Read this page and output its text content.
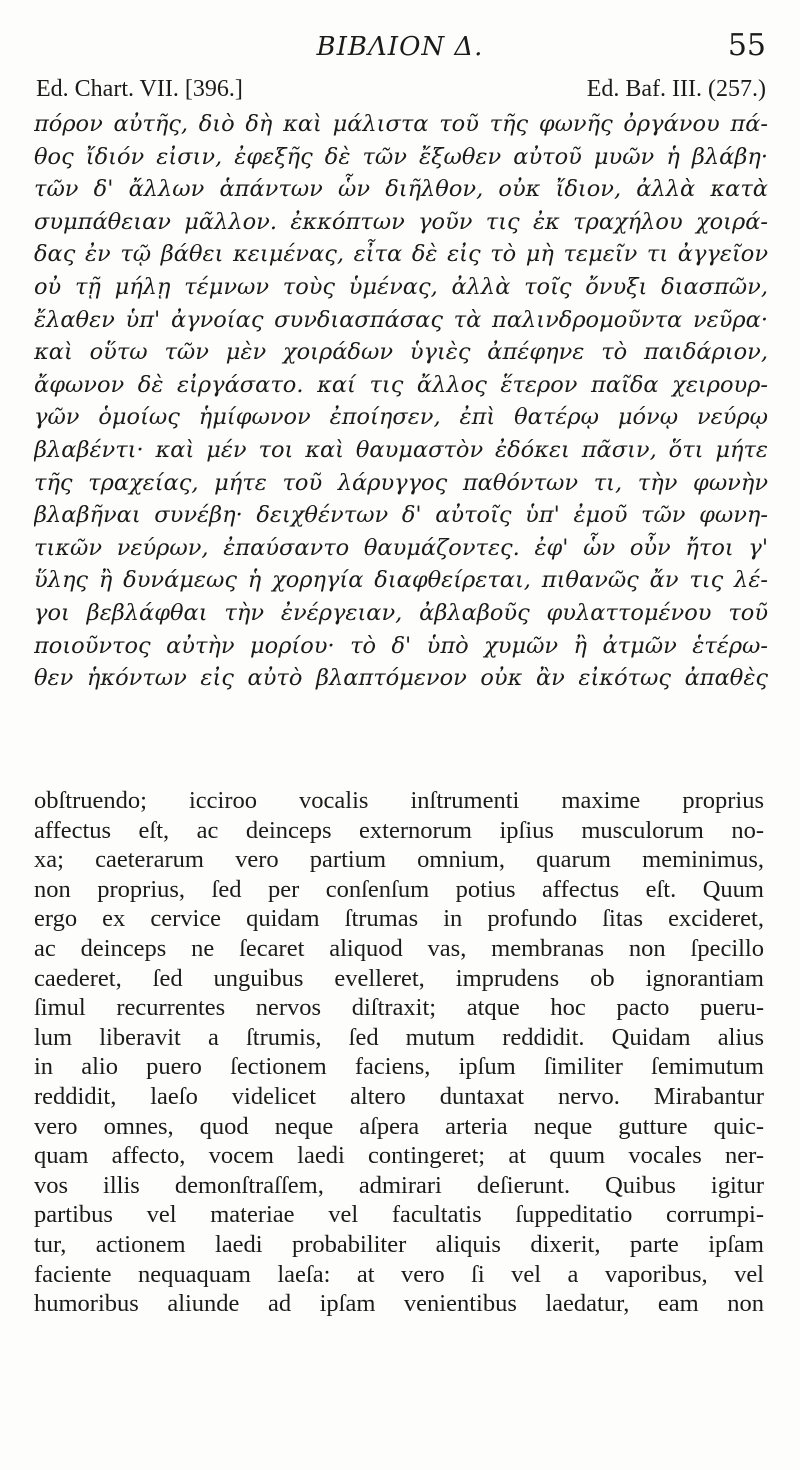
ΒΙΒΛΙΟΝ Δ.	55
Ed. Chart. VII. [396.]	Ed. Baf. III. (257.)
πόρον αὐτῆς, διὸ δὴ καὶ μάλιστα τοῦ τῆς φωνῆς ὀργάνου πά-
θος ἴδιόν εἰσιν, ἐφεξῆς δὲ τῶν ἔξωθεν αὐτοῦ μυῶν ἡ βλάβη·
τῶν δ' ἄλλων ἁπάντων ὧν διῆλθον, οὐκ ἴδιον, ἀλλὰ κατὰ
συμπάθειαν μᾶλλον. ἐκκόπτων γοῦν τις ἐκ τραχήλου χοιρά-
δας ἐν τῷ βάθει κειμένας, εἶτα δὲ εἰς τὸ μὴ τεμεῖν τι ἀγγεῖον
οὐ τῇ μήλῃ τέμνων τοὺς ὑμένας, ἀλλὰ τοῖς ὄνυξι διασπῶν,
ἔλαθεν ὑπ' ἀγνοίας συνδιασπάσας τὰ παλινδρομοῦντα νεῦρα·
καὶ οὕτω τῶν μὲν χοιράδων ὑγιὲς ἀπέφηνε τὸ παιδάριον,
ἄφωνον δὲ εἰργάσατο. καί τις ἄλλος ἕτερον παῖδα χειρουρ-
γῶν ὁμοίως ἡμίφωνον ἐποίησεν, ἐπὶ θατέρῳ μόνῳ νεύρῳ
βλαβέντι· καὶ μέν τοι καὶ θαυμαστὸν ἐδόκει πᾶσιν, ὅτι μήτε
τῆς τραχείας, μήτε τοῦ λάρυγγος παθόντων τι, τὴν φωνὴν
βλαβῆναι συνέβη· δειχθέντων δ' αὐτοῖς ὑπ' ἐμοῦ τῶν φωνη-
τικῶν νεύρων, ἐπαύσαντο θαυμάζοντες. ἐφ' ὧν οὖν ἤτοι γ'
ὕλης ἢ δυνάμεως ἡ χορηγία διαφθείρεται, πιθανῶς ἄν τις λέ-
γοι βεβλάφθαι τὴν ἐνέργειαν, ἀβλαβοῦς φυλαττομένου τοῦ
ποιοῦντος αὐτὴν μορίου· τὸ δ' ὑπὸ χυμῶν ἢ ἀτμῶν ἑτέρω-
θεν ἡκόντων εἰς αὐτὸ βλαπτόμενον οὐκ ἂν εἰκότως ἀπαθὲς
obſtruendo; icciroo vocalis inſtrumenti maxime proprius
affectus eſt, ac deinceps externorum ipſius musculorum no-
xa; caeterarum vero partium omnium, quarum meminimus,
non proprius, ſed per conſenſum potius affectus eſt. Quum
ergo ex cervice quidam ſtrumas in profundo ſitas excideret,
ac deinceps ne ſecaret aliquod vas, membranas non ſpecillo
caederet, ſed unguibus evelleret, imprudens ob ignorantiam
ſimul recurrentes nervos diſtraxit; atque hoc pacto pueru-
lum liberavit a ſtrumis, ſed mutum reddidit. Quidam alius
in alio puero ſectionem faciens, ipſum ſimiliter ſemimutum
reddidit, laeſo videlicet altero duntaxat nervo. Mirabantur
vero omnes, quod neque aſpera arteria neque gutture quic-
quam affecto, vocem laedi contingeret; at quum vocales ner-
vos illis demonſtraſſem, admirari deſierunt. Quibus igitur
partibus vel materiae vel facultatis ſuppeditatio corrumpi-
tur, actionem laedi probabiliter aliquis dixerit, parte ipſam
faciente nequaquam laeſa: at vero ſi vel a vaporibus, vel
humoribus aliunde ad ipſam venientibus laedatur, eam non
